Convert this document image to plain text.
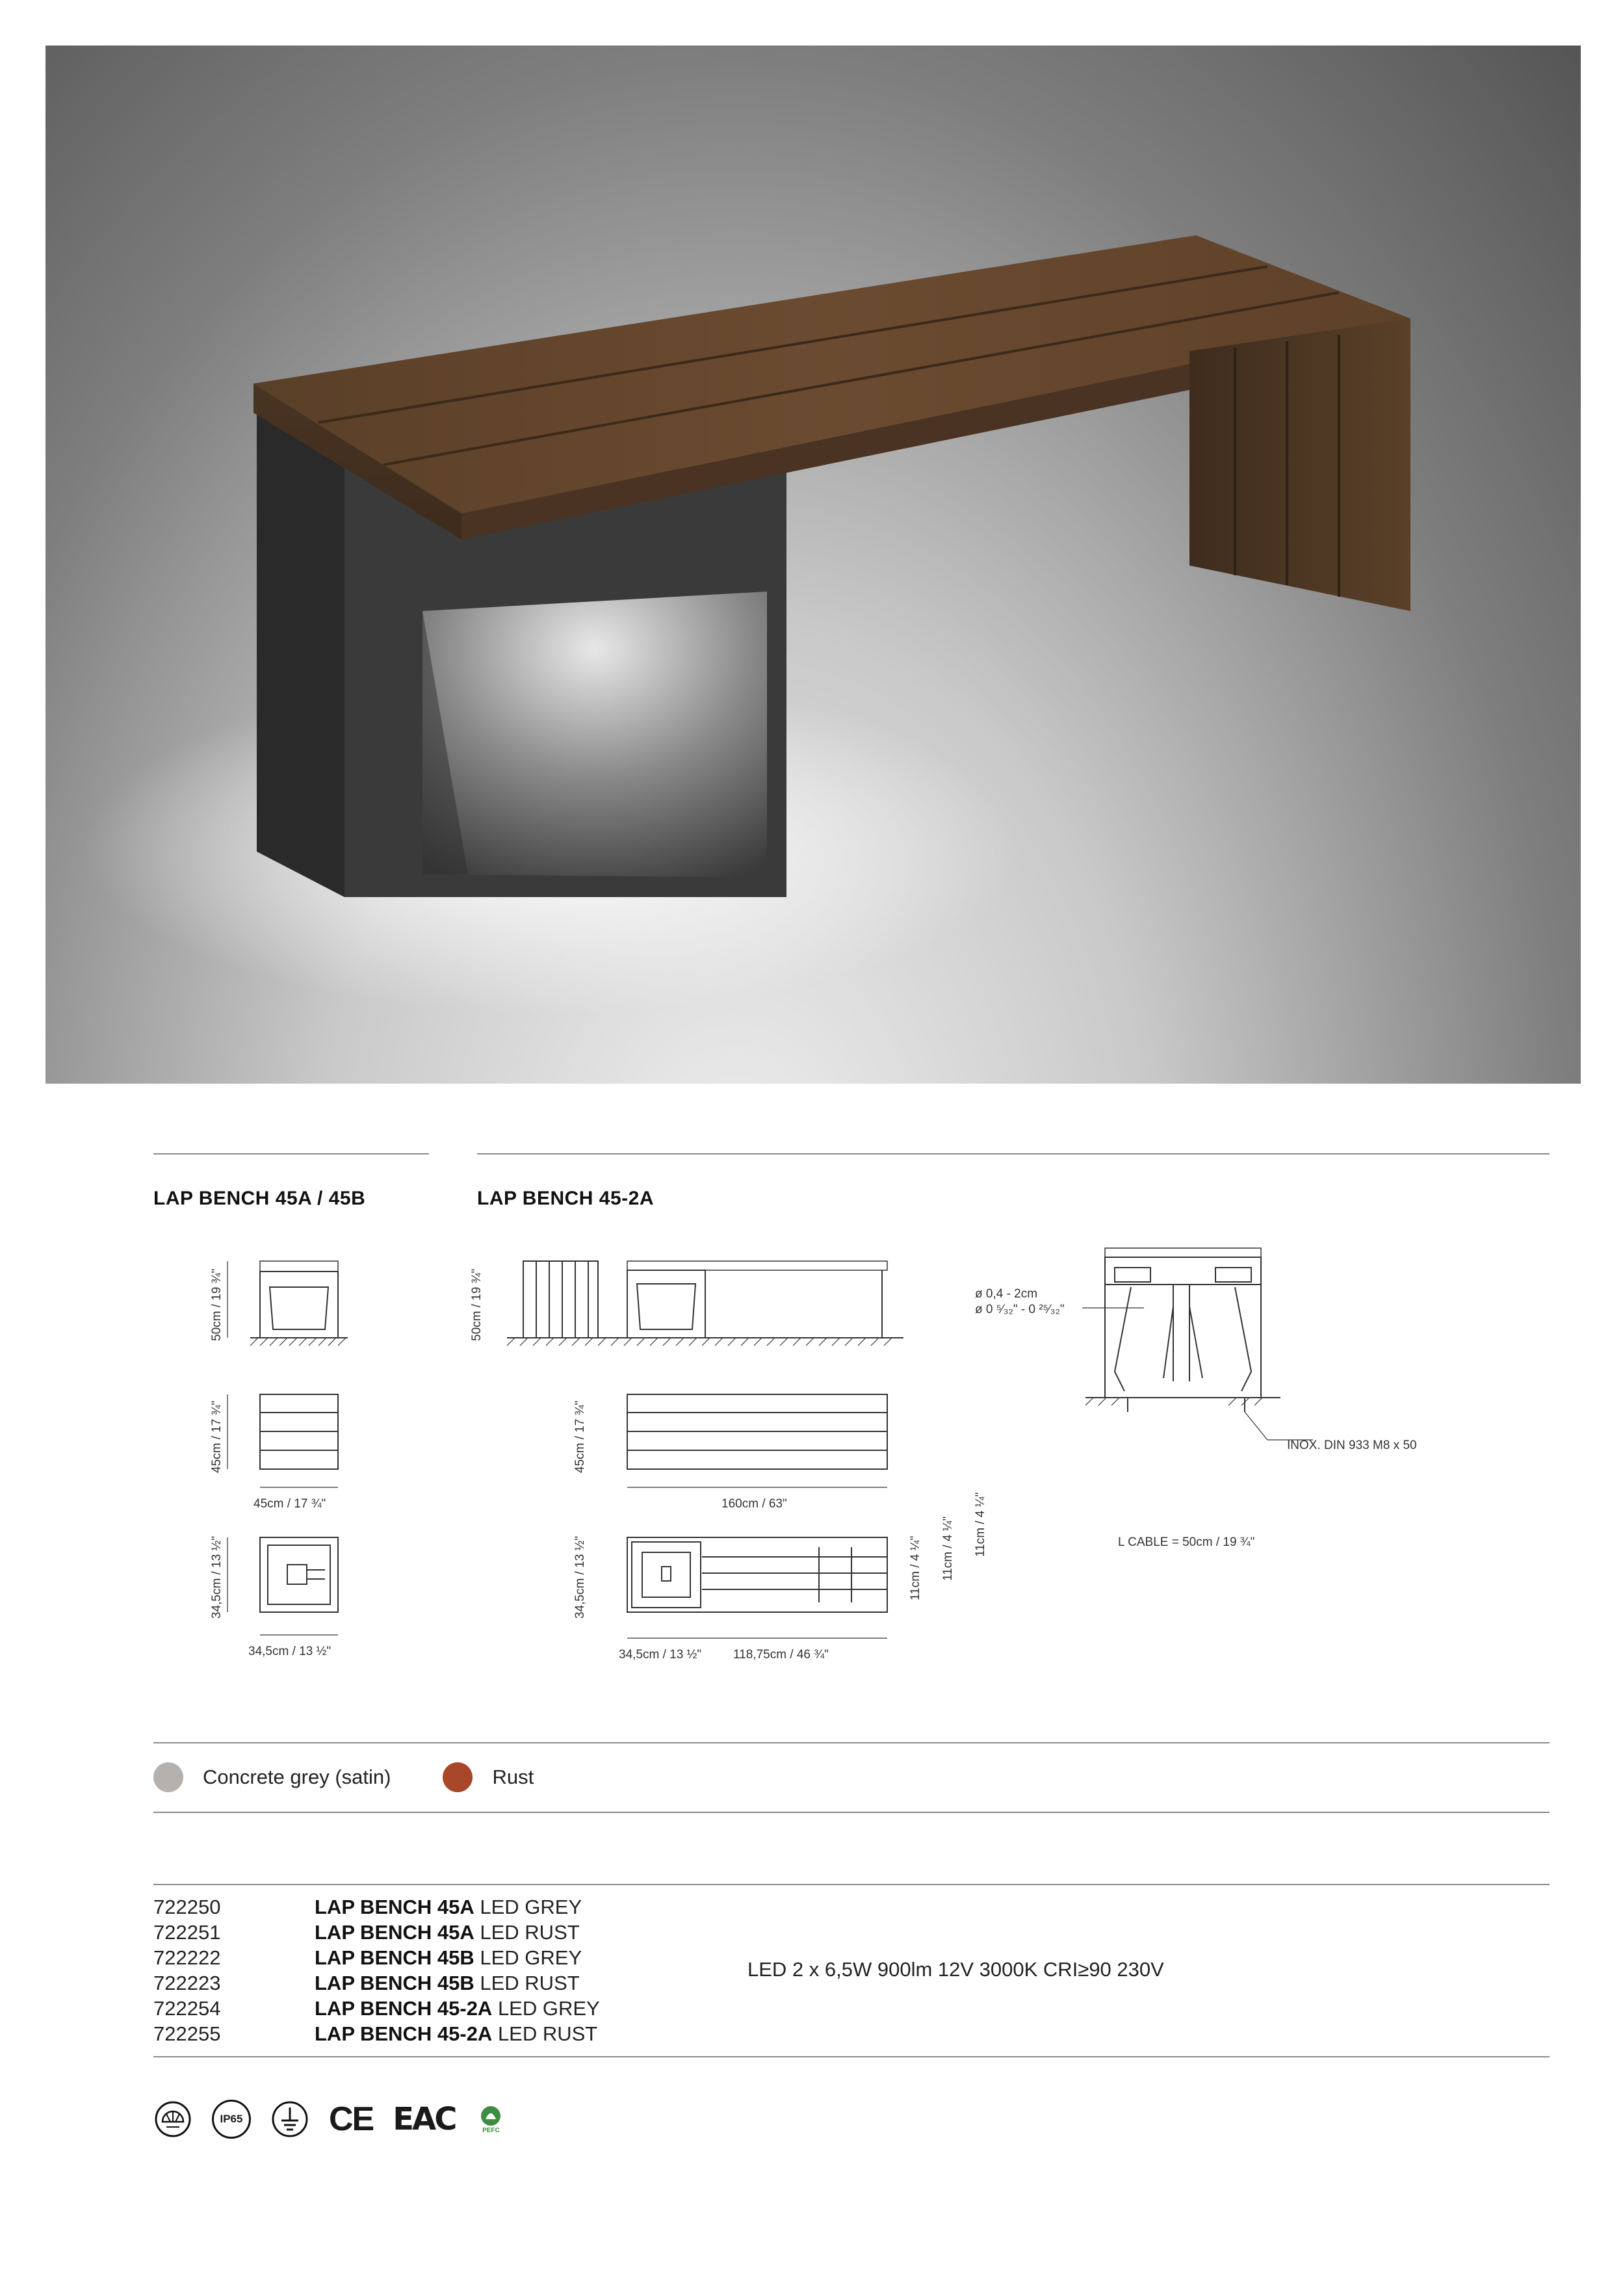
LAP BENCH 45A / 45B	LAP BENCH 45-2A
50cm / 19 ¾"
45cm / 17 ¾"
45cm / 17 ¾"
34,5cm / 13 ½"
34,5cm / 13 ½"
50cm / 19 ¾"
45cm / 17 ¾"
160cm / 63"
34,5cm / 13 ½"
34,5cm / 13 ½"	118,75cm / 46 ¾"
11cm / 4 ¼" 11cm / 4 ¼" 11cm / 4 ¼"
ø 0,4 - 2cm
ø 0 ⁵⁄₃₂" - 0 ²⁵⁄₃₂"
INOX. DIN 933 M8 x 50
L CABLE = 50cm / 19 ¾"
Concrete grey (satin)	Rust
722250	LAP BENCH 45A LED GREY
722251	LAP BENCH 45A LED RUST
722222	LAP BENCH 45B LED GREY
722223	LAP BENCH 45B LED RUST
722254	LAP BENCH 45-2A LED GREY
722255	LAP BENCH 45-2A LED RUST
LED 2 x 6,5W 900lm 12V 3000K CRI≥90 230V
IP65	CE EAC	PEFC
